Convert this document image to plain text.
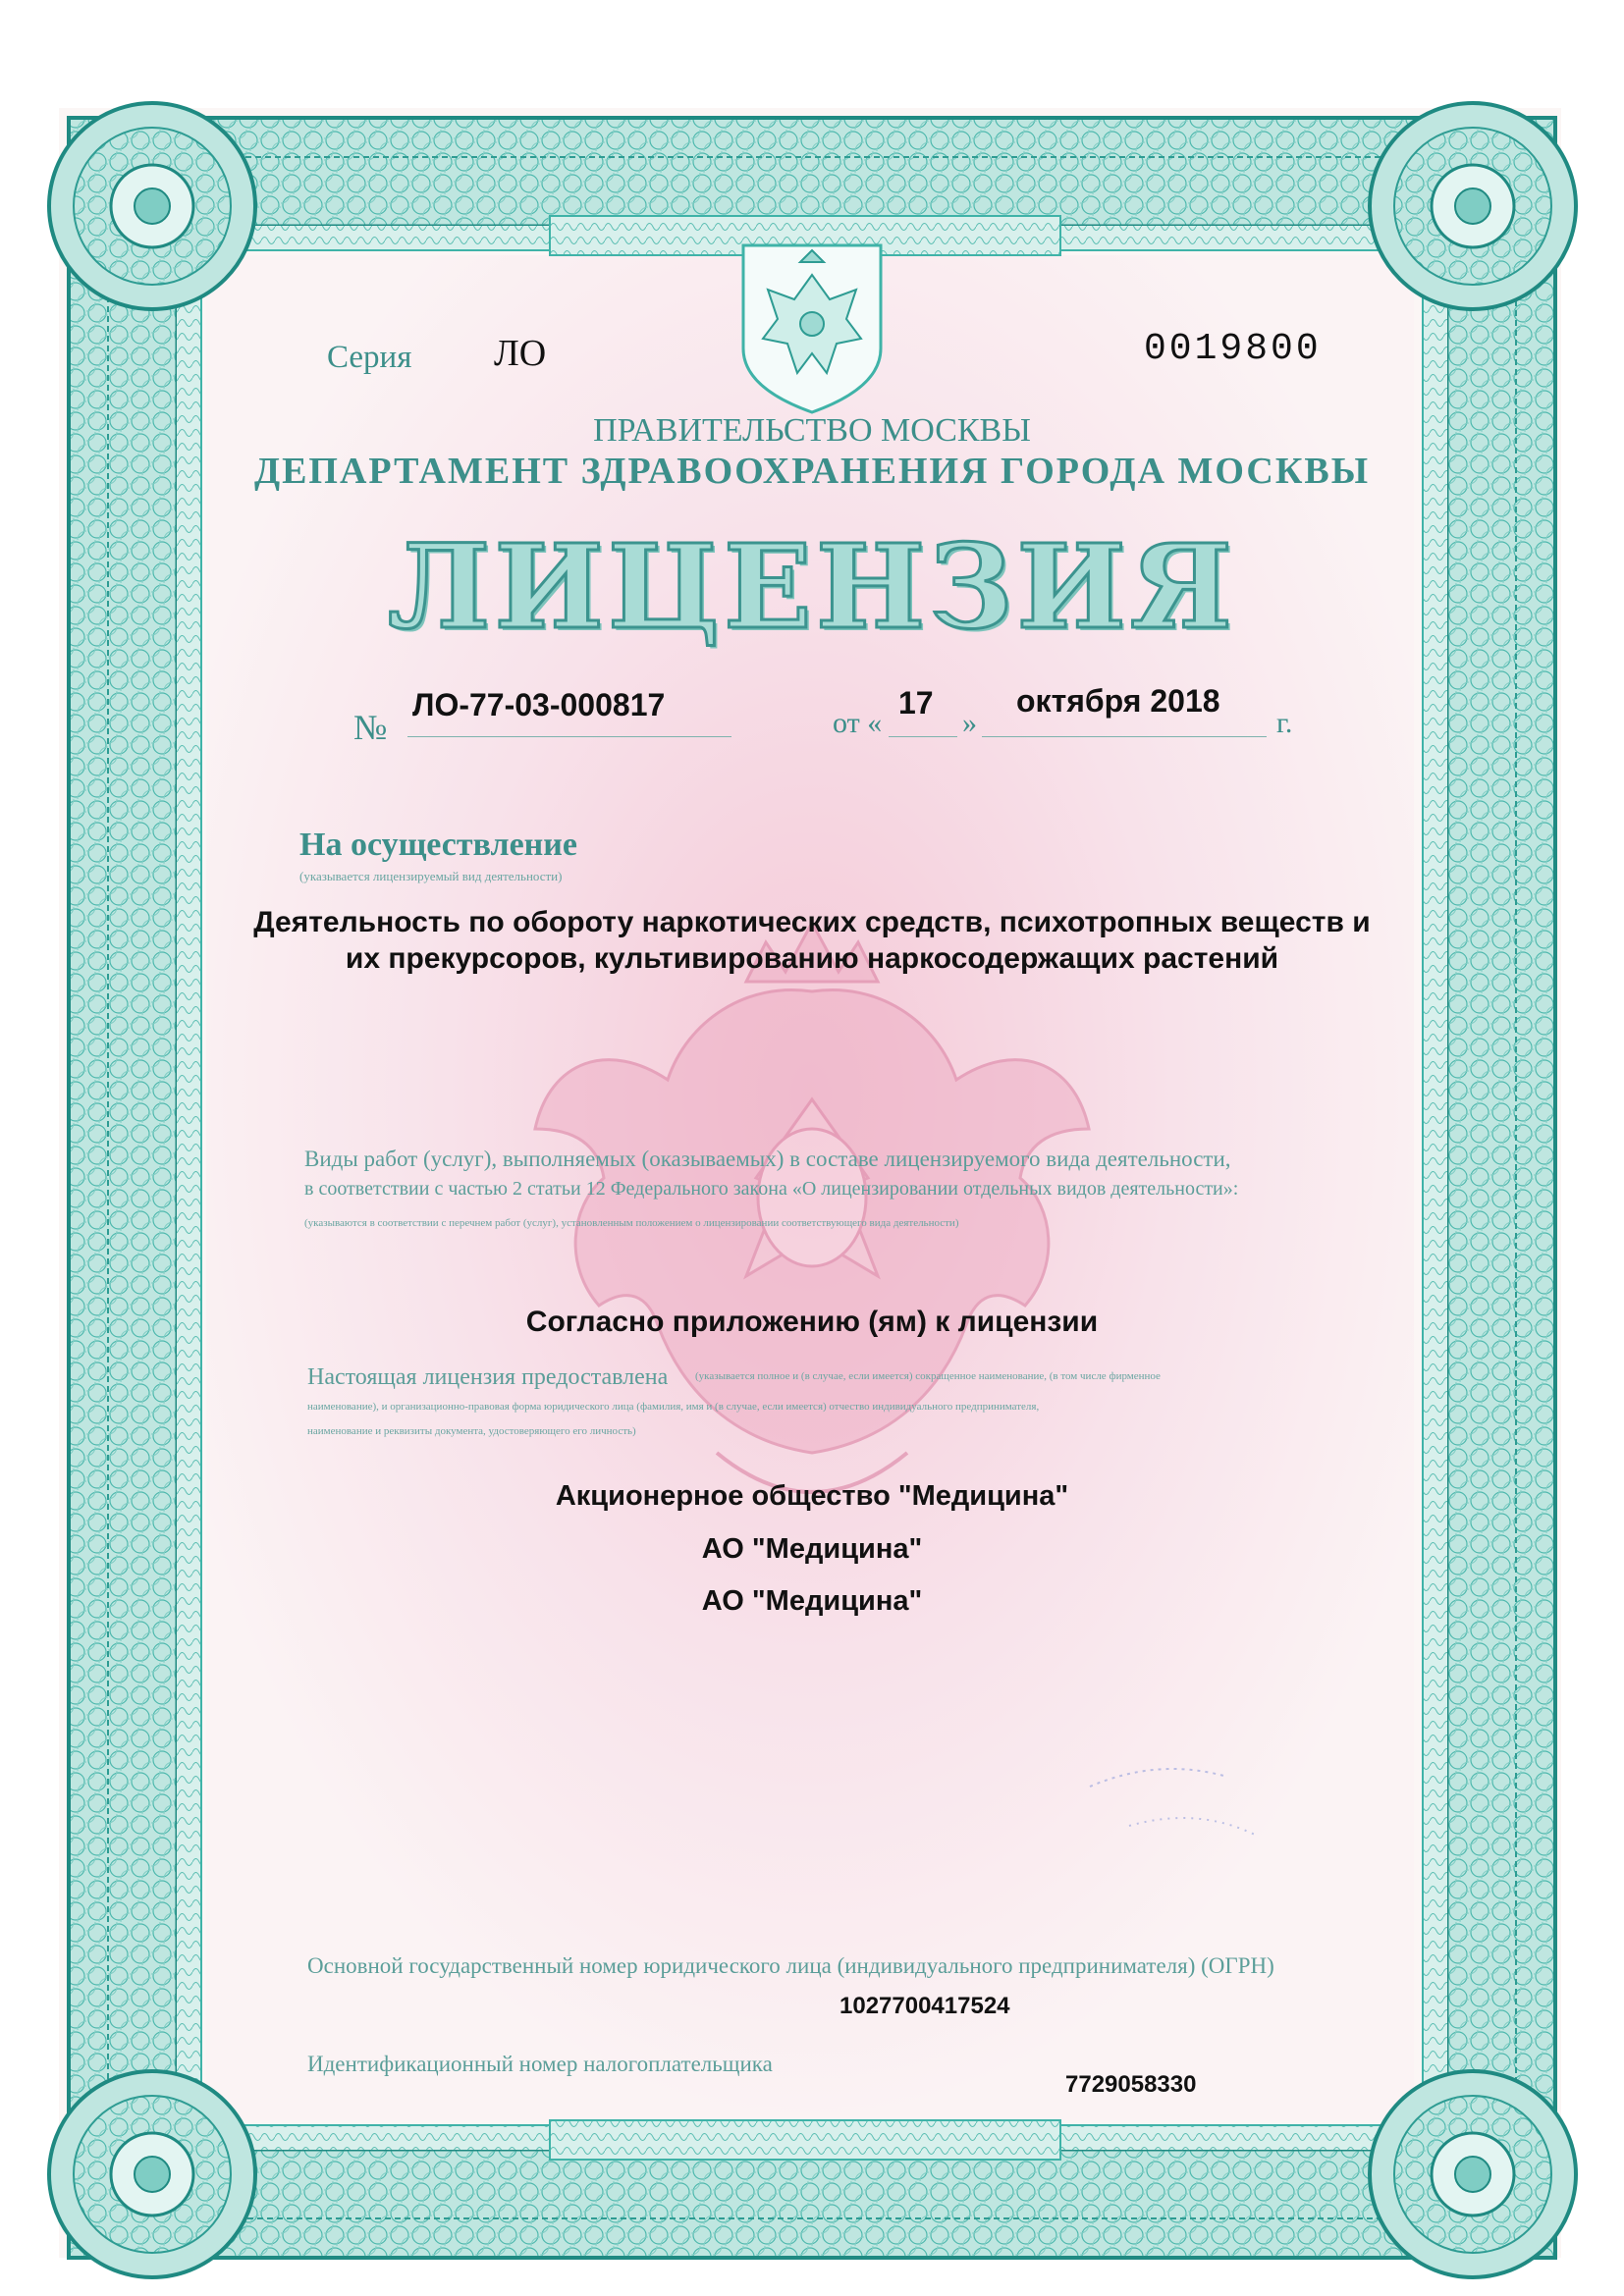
Серия ЛО	0019800
ПРАВИТЕЛЬСТВО МОСКВЫ
ДЕПАРТАМЕНТ ЗДРАВООХРАНЕНИЯ ГОРОДА МОСКВЫ
ЛИЦЕНЗИЯ
№
ЛО-77-03-000817
от «
17
»
октября 2018
г.
На осуществление
(указывается лицензируемый вид деятельности)
Деятельность по обороту наркотических средств, психотропных веществ и
их прекурсоров, культивированию наркосодержащих растений
Виды работ (услуг), выполняемых (оказываемых) в составе лицензируемого вида деятельности,
в соответствии с частью 2 статьи 12 Федерального закона «О лицензировании отдельных видов деятельности»:
(указываются в соответствии с перечнем работ (услуг), установленным положением о лицензировании соответствующего вида деятельности)
Согласно приложению (ям) к лицензии
Настоящая лицензия предоставлена	(указывается полное и (в случае, если имеется) сокращенное наименование, (в том числе фирменное
наименование), и организационно-правовая форма юридического лица (фамилия, имя и (в случае, если имеется) отчество индивидуального предпринимателя,
наименование и реквизиты документа, удостоверяющего его личность)
Акционерное общество "Медицина"
АО "Медицина"
АО "Медицина"
Основной государственный номер юридического лица (индивидуального предпринимателя) (ОГРН)
1027700417524
Идентификационный номер налогоплательщика
7729058330
